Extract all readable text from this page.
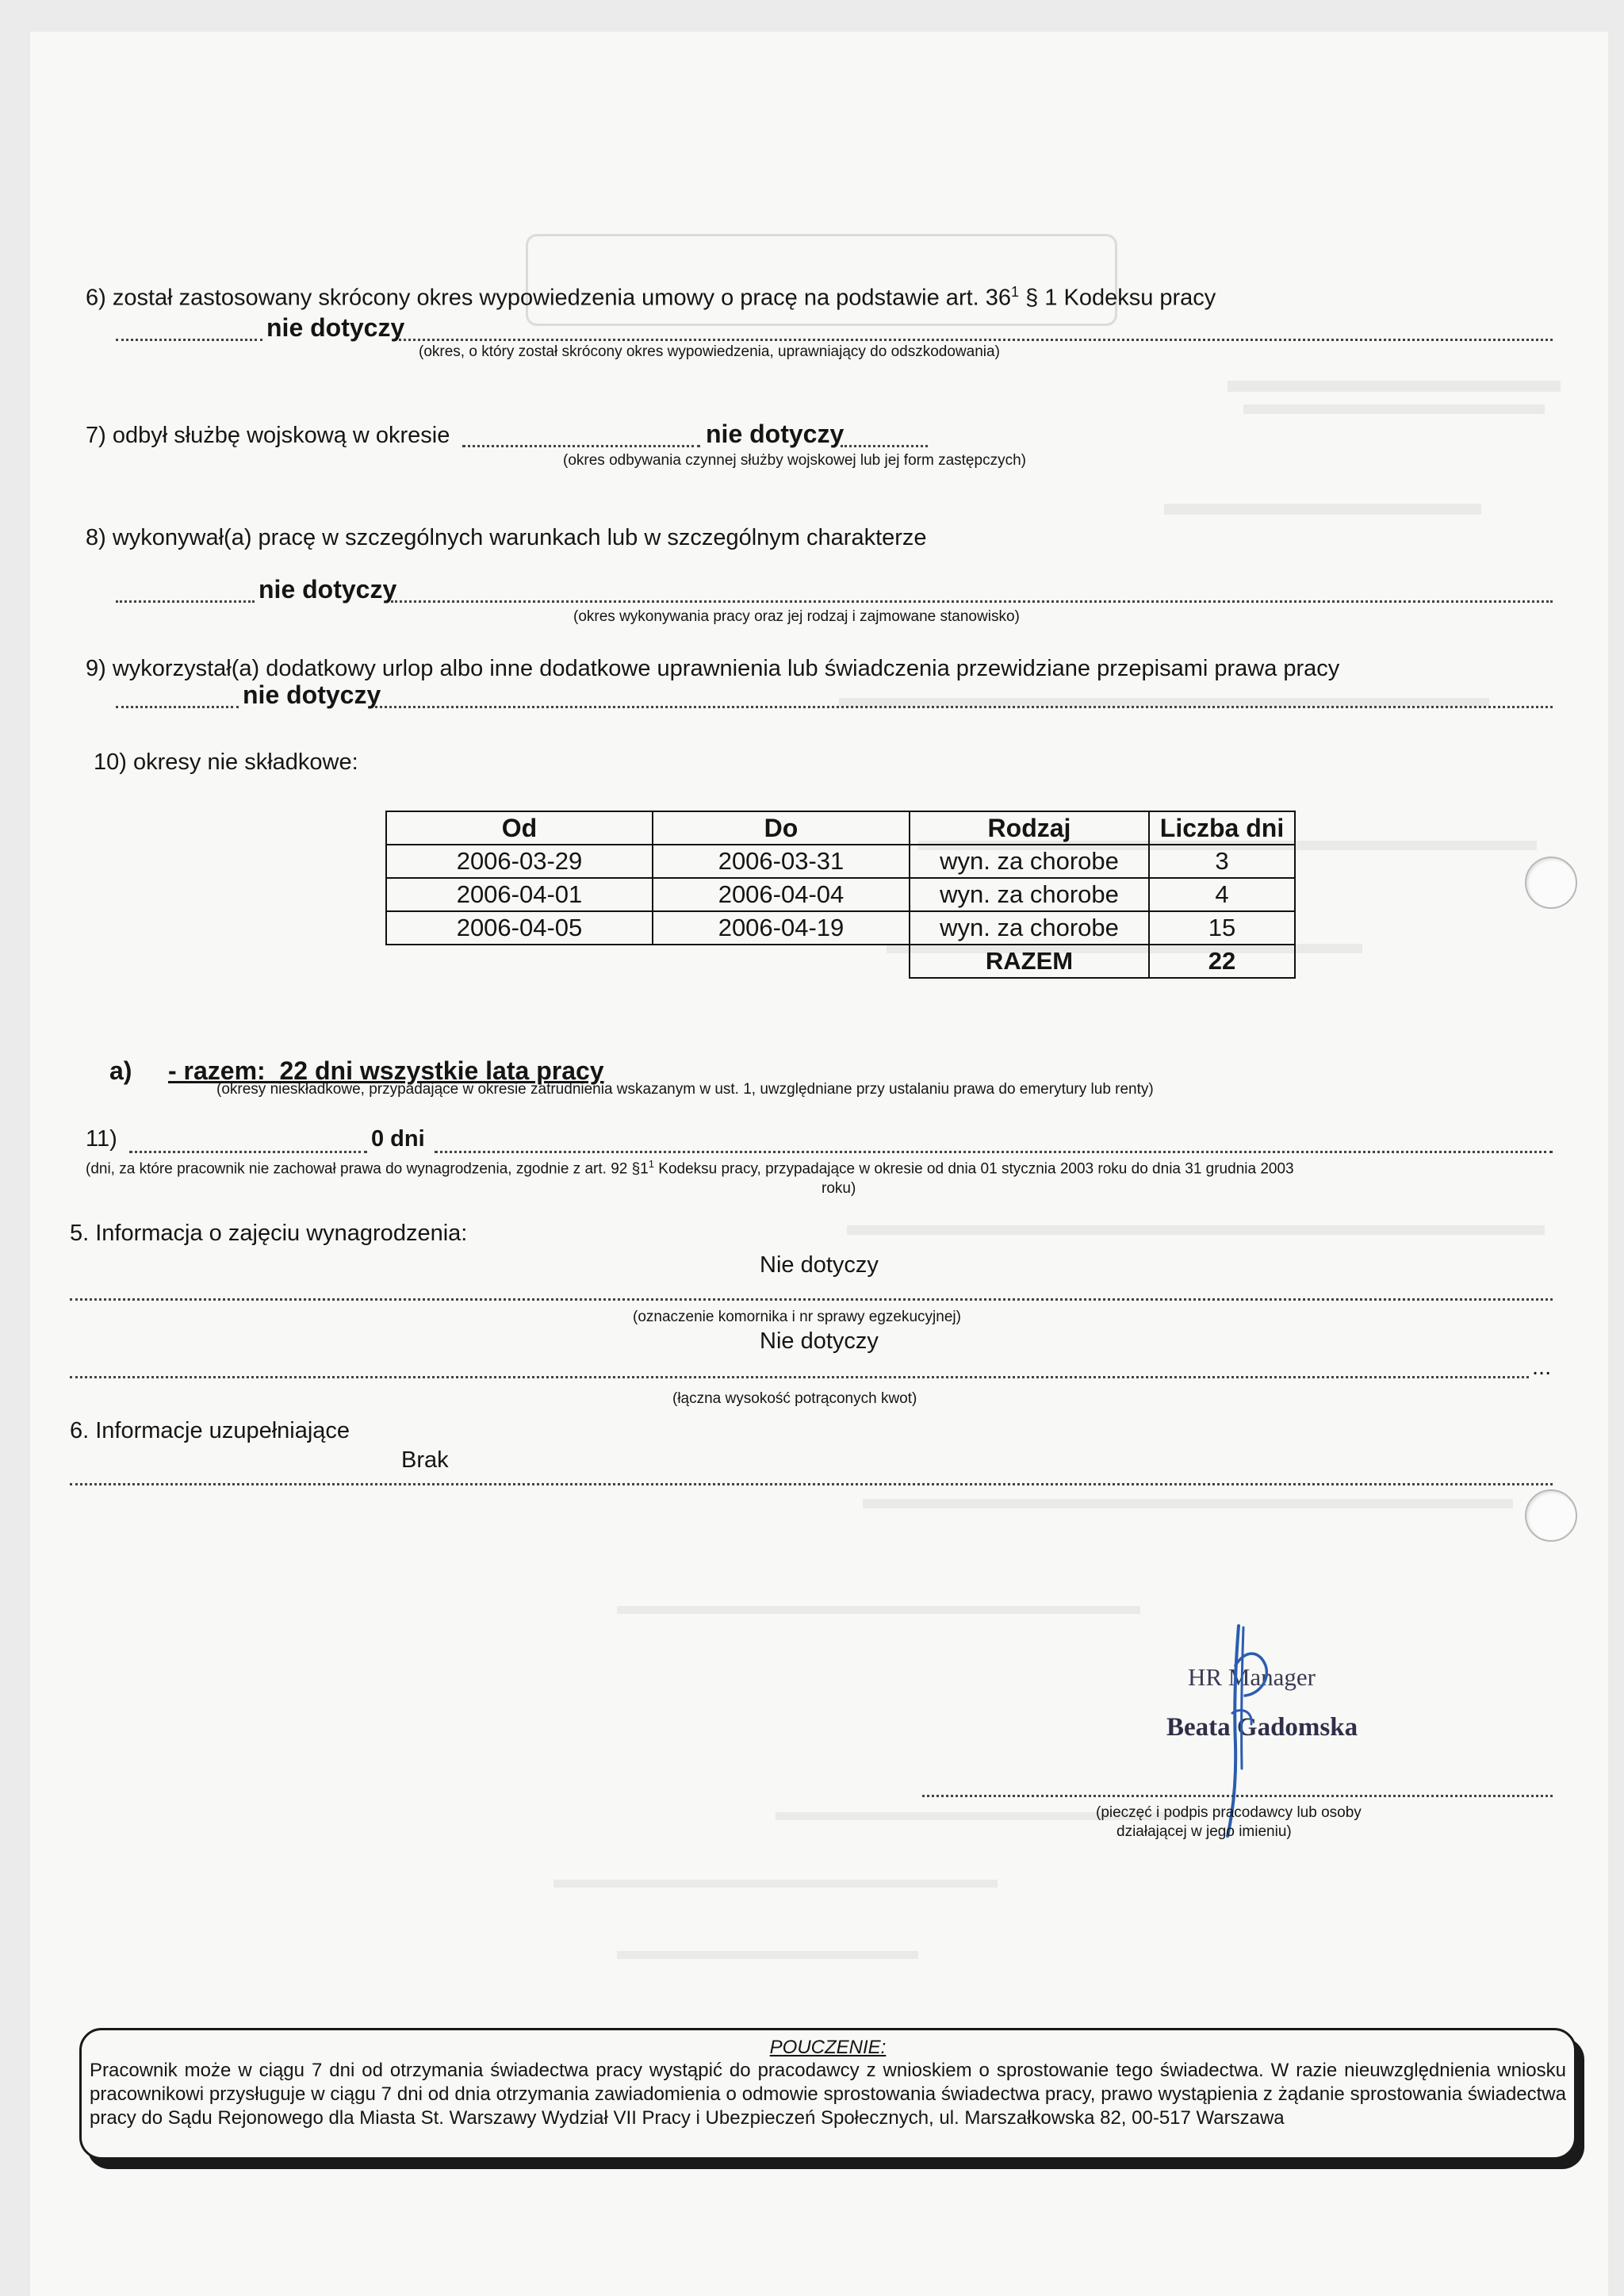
6) został zastosowany skrócony okres wypowiedzenia umowy o pracę na podstawie art. $36^1$ § 1 Kodeksu pracy
nie dotyczy
(okres, o który został skrócony okres wypowiedzenia, uprawniający do odszkodowania)
7) odbył służbę wojskową w okresie	nie dotyczy
(okres odbywania czynnej służby wojskowej lub jej form zastępczych)
8) wykonywał(a) pracę w szczególnych warunkach lub w szczególnym charakterze
nie dotyczy
(okres wykonywania pracy oraz jej rodzaj i zajmowane stanowisko)
9) wykorzystał(a) dodatkowy urlop albo inne dodatkowe uprawnienia lub świadczenia przewidziane przepisami prawa pracy
nie dotyczy
10) okresy nie składkowe:
Od	Do	Rodzaj	Liczba dni
2006-03-29	2006-03-31	wyn. za chorobe	3
2006-04-01	2006-04-04	wyn. za chorobe	4
2006-04-05	2006-04-19	wyn. za chorobe	15
		RAZEM	22
a) - razem:  22 dni wszystkie lata pracy
(okresy nieskładkowe, przypadające w okresie zatrudnienia wskazanym w ust. 1, uwzględniane przy ustalaniu prawa do emerytury lub renty)
11)	0 dni
(dni, za które pracownik nie zachował prawa do wynagrodzenia, zgodnie z art. 92 $\S 1^1$ Kodeksu pracy, przypadające w okresie od dnia 01 stycznia 2003 roku do dnia 31 grudnia 2003
roku)
5. Informacja o zajęciu wynagrodzenia:
Nie dotyczy
(oznaczenie komornika i nr sprawy egzekucyjnej)
Nie dotyczy
...
(łączna wysokość potrąconych kwot)
6. Informacje uzupełniające
Brak
HR Manager
Beata Gadomska
(pieczęć i podpis pracodawcy lub osoby
działającej w jego imieniu)
POUCZENIE:
Pracownik może w ciągu 7 dni od otrzymania świadectwa pracy wystąpić do pracodawcy z wnioskiem o sprostowanie tego świadectwa. W razie nieuwzględnienia wniosku pracownikowi przysługuje w ciągu 7 dni od dnia otrzymania zawiadomienia o odmowie sprostowania świadectwa pracy, prawo wystąpienia z żądanie sprostowania świadectwa pracy do Sądu Rejonowego dla Miasta St. Warszawy Wydział VII Pracy i Ubezpieczeń Społecznych, ul. Marszałkowska 82, 00-517 Warszawa
